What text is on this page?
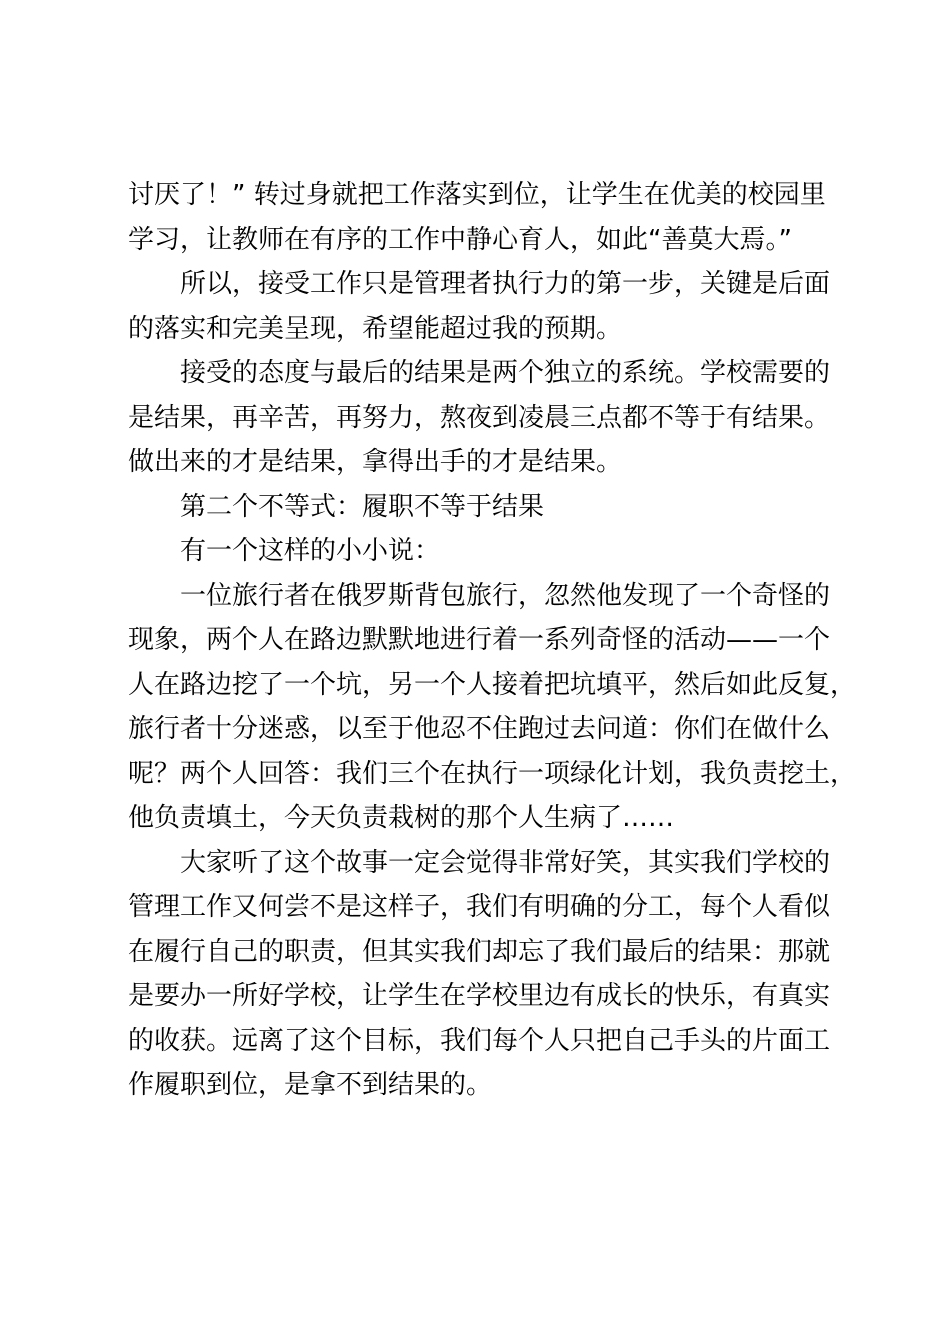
讨厌了！” 转过身就把工作落实到位，让学生在优美的校园里
学习，让教师在有序的工作中静心育人，如此“善莫大焉。”
所以，接受工作只是管理者执行力的第一步，关键是后面
的落实和完美呈现，希望能超过我的预期。
接受的态度与最后的结果是两个独立的系统。学校需要的
是结果，再辛苦，再努力，熬夜到凌晨三点都不等于有结果。
做出来的才是结果，拿得出手的才是结果。
第二个不等式：履职不等于结果
有一个这样的小小说：
一位旅行者在俄罗斯背包旅行，忽然他发现了一个奇怪的
现象，两个人在路边默默地进行着一系列奇怪的活动——一个
人在路边挖了一个坑，另一个人接着把坑填平，然后如此反复，
旅行者十分迷惑，以至于他忍不住跑过去问道：你们在做什么
呢？两个人回答：我们三个在执行一项绿化计划，我负责挖土，
他负责填土，今天负责栽树的那个人生病了……
大家听了这个故事一定会觉得非常好笑，其实我们学校的
管理工作又何尝不是这样子，我们有明确的分工，每个人看似
在履行自己的职责，但其实我们却忘了我们最后的结果：那就
是要办一所好学校，让学生在学校里边有成长的快乐，有真实
的收获。远离了这个目标，我们每个人只把自己手头的片面工
作履职到位，是拿不到结果的。
